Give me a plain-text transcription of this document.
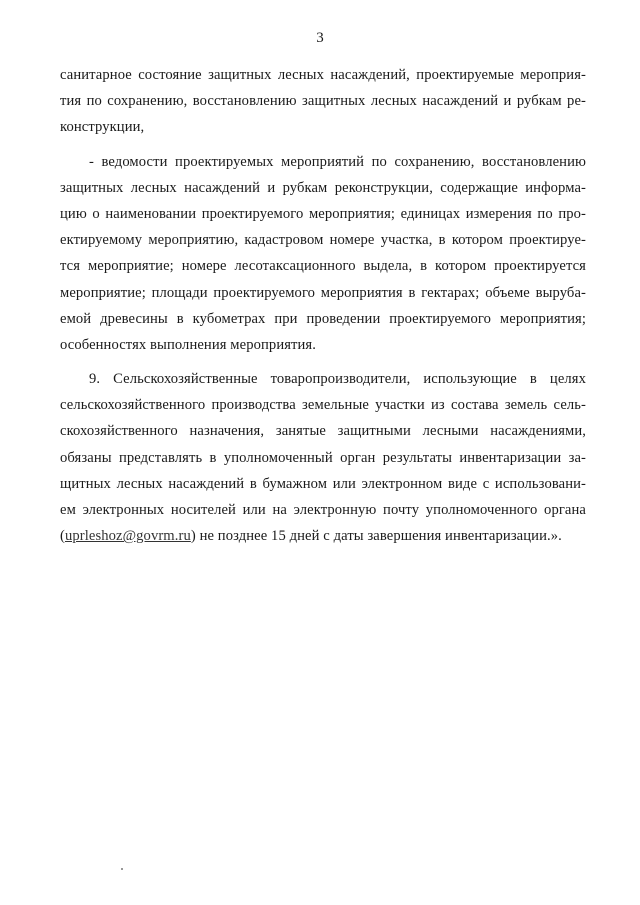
3
санитарное состояние защитных лесных насаждений, проектируемые мероприя-
тия по сохранению, восстановлению защитных лесных насаждений и рубкам ре-
конструкции,
- ведомости проектируемых мероприятий по сохранению, восстановлению
защитных лесных насаждений и рубкам реконструкции, содержащие информа-
цию о наименовании проектируемого мероприятия; единицах измерения по про-
ектируемому мероприятию, кадастровом номере участка, в котором проектируе-
тся мероприятие; номере лесотаксационного выдела, в котором проектируется
мероприятие; площади проектируемого мероприятия в гектарах; объеме выруба-
емой древесины в кубометрах при проведении проектируемого мероприятия;
особенностях выполнения мероприятия.
9. Сельскохозяйственные товаропроизводители, использующие в целях
сельскохозяйственного производства земельные участки из состава земель сель-
скохозяйственного назначения, занятые защитными лесными насаждениями,
обязаны представлять в уполномоченный орган результаты инвентаризации за-
щитных лесных насаждений в бумажном или электронном виде с использовани-
ем электронных носителей или на электронную почту уполномоченного органа
(uprleshoz@govrm.ru) не позднее 15 дней с даты завершения инвентаризации.».
